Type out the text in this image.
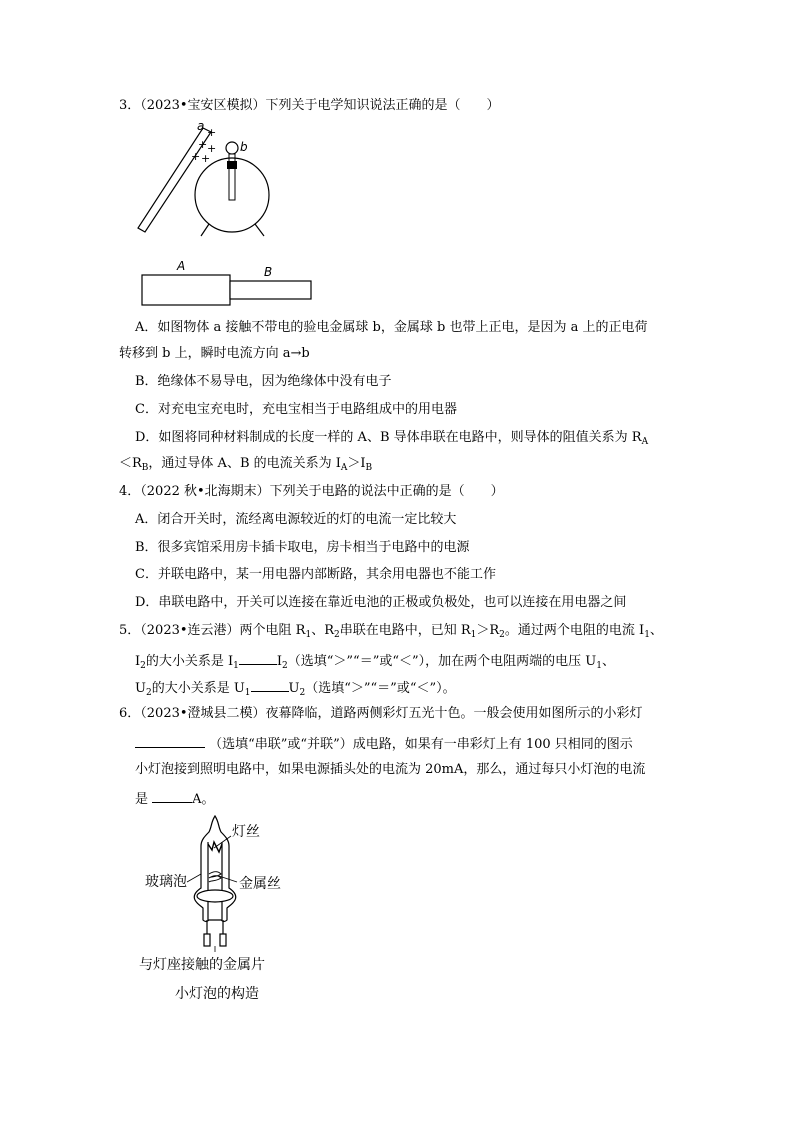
3．（2023•宝安区模拟）下列关于电学知识说法正确的是（　　）
a +
+ +
+ +
b
A	B
A．如图物体 a 接触不带电的验电金属球 b，金属球 b 也带上正电，是因为 a 上的正电荷
转移到 b 上，瞬时电流方向 a→b
B．绝缘体不易导电，因为绝缘体中没有电子
C．对充电宝充电时，充电宝相当于电路组成中的用电器
D．如图将同种材料制成的长度一样的 A、B 导体串联在电路中，则导体的阻值关系为 $R_A$
$<R_B$，通过导体 A、B 的电流关系为 $I_A>I_B$
4．（2022 秋•北海期末）下列关于电路的说法中正确的是（　　）
A．闭合开关时，流经离电源较近的灯的电流一定比较大
B．很多宾馆采用房卡插卡取电，房卡相当于电路中的电源
C．并联电路中，某一用电器内部断路，其余用电器也不能工作
D．串联电路中，开关可以连接在靠近电池的正极或负极处，也可以连接在用电器之间
5．（2023•连云港）两个电阻 $R_1$、$R_2$串联在电路中，已知 $R_1>R_2$。通过两个电阻的电流 $I_1$、
$I_2$的大小关系是 $I_1$	$I_2$（选填“＞”“＝”或“＜”），加在两个电阻两端的电压 $U_1$、
$U_2$的大小关系是 $U_1$	$U_2$（选填“＞”“＝”或“＜”）。
6．（2023•澄城县二模）夜幕降临，道路两侧彩灯五光十色。一般会使用如图所示的小彩灯
（选填“串联”或“并联”）成电路，如果有一串彩灯上有 100 只相同的图示
小灯泡接到照明电路中，如果电源插头处的电流为 20mA，那么，通过每只小灯泡的电流
是	A。
灯丝
玻璃泡	金属丝
与灯座接触的金属片
小灯泡的构造
